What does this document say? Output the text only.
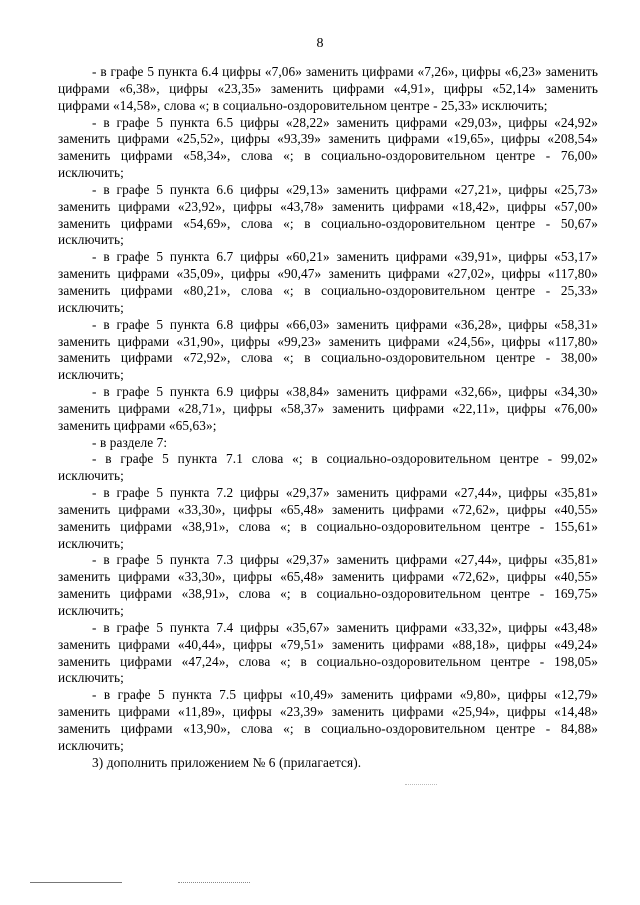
8

- в графе 5 пункта 6.4 цифры «7,06» заменить цифрами «7,26», цифры «6,23» заменить цифрами «6,38», цифры «23,35» заменить цифрами «4,91», цифры «52,14» заменить цифрами «14,58», слова «; в социально-оздоровительном центре - 25,33» исключить;

- в графе 5 пункта 6.5 цифры «28,22» заменить цифрами «29,03», цифры «24,92» заменить цифрами «25,52», цифры «93,39» заменить цифрами «19,65», цифры «208,54» заменить цифрами «58,34», слова «; в социально-оздоровительном центре - 76,00» исключить;

- в графе 5 пункта 6.6 цифры «29,13» заменить цифрами «27,21», цифры «25,73» заменить цифрами «23,92», цифры «43,78» заменить цифрами «18,42», цифры «57,00» заменить цифрами «54,69», слова «; в социально-оздоровительном центре - 50,67» исключить;

- в графе 5 пункта 6.7 цифры «60,21» заменить цифрами «39,91», цифры «53,17» заменить цифрами «35,09», цифры «90,47» заменить цифрами «27,02», цифры «117,80» заменить цифрами «80,21», слова «; в социально-оздоровительном центре - 25,33» исключить;

- в графе 5 пункта 6.8 цифры «66,03» заменить цифрами «36,28», цифры «58,31» заменить цифрами «31,90», цифры «99,23» заменить цифрами «24,56», цифры «117,80» заменить цифрами «72,92», слова «; в социально-оздоровительном центре - 38,00» исключить;

- в графе 5 пункта 6.9 цифры «38,84» заменить цифрами «32,66», цифры «34,30» заменить цифрами «28,71», цифры «58,37» заменить цифрами «22,11», цифры «76,00» заменить цифрами «65,63»;

- в разделе 7:

- в графе 5 пункта 7.1 слова «; в социально-оздоровительном центре - 99,02» исключить;

- в графе 5 пункта 7.2 цифры «29,37» заменить цифрами «27,44», цифры «35,81» заменить цифрами «33,30», цифры «65,48» заменить цифрами «72,62», цифры «40,55» заменить цифрами «38,91», слова «; в социально-оздоровительном центре - 155,61» исключить;

- в графе 5 пункта 7.3 цифры «29,37» заменить цифрами «27,44», цифры «35,81» заменить цифрами «33,30», цифры «65,48» заменить цифрами «72,62», цифры «40,55» заменить цифрами «38,91», слова «; в социально-оздоровительном центре - 169,75» исключить;

- в графе 5 пункта 7.4 цифры «35,67» заменить цифрами «33,32», цифры «43,48» заменить цифрами «40,44», цифры «79,51» заменить цифрами «88,18», цифры «49,24» заменить цифрами «47,24», слова «; в социально-оздоровительном центре - 198,05» исключить;

- в графе 5 пункта 7.5 цифры «10,49» заменить цифрами «9,80», цифры «12,79» заменить цифрами «11,89», цифры «23,39» заменить цифрами «25,94», цифры «14,48» заменить цифрами «13,90», слова «; в социально-оздоровительном центре - 84,88» исключить;

3) дополнить приложением № 6 (прилагается).
